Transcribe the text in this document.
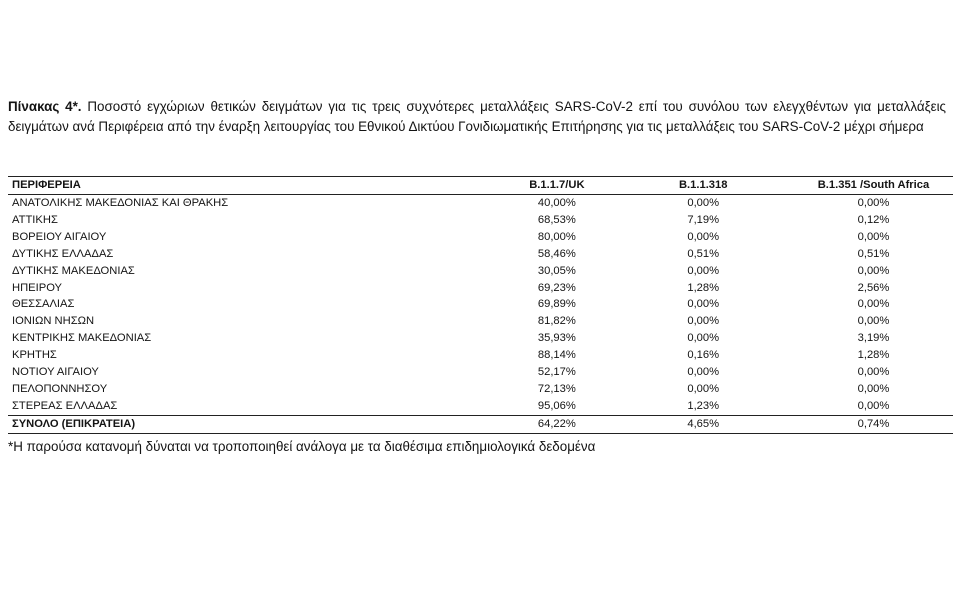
Πίνακας 4*. Ποσοστό εγχώριων θετικών δειγμάτων για τις τρεις συχνότερες μεταλλάξεις SARS-CoV-2 επί του συνόλου των ελεγχθέντων για μεταλλάξεις δειγμάτων ανά Περιφέρεια από την έναρξη λειτουργίας του Εθνικού Δικτύου Γονιδιωματικής Επιτήρησης για τις μεταλλάξεις του SARS-CoV-2 μέχρι σήμερα
ΠΕΡΙΦΕΡΕΙΑ	B.1.1.7/UK	B.1.1.318	B.1.351 /South Africa
ΑΝΑΤΟΛΙΚΗΣ ΜΑΚΕΔΟΝΙΑΣ ΚΑΙ ΘΡΑΚΗΣ	40,00%	0,00%	0,00%
ΑΤΤΙΚΗΣ	68,53%	7,19%	0,12%
ΒΟΡΕΙΟΥ ΑΙΓΑΙΟΥ	80,00%	0,00%	0,00%
ΔΥΤΙΚΗΣ ΕΛΛΑΔΑΣ	58,46%	0,51%	0,51%
ΔΥΤΙΚΗΣ ΜΑΚΕΔΟΝΙΑΣ	30,05%	0,00%	0,00%
ΗΠΕΙΡΟΥ	69,23%	1,28%	2,56%
ΘΕΣΣΑΛΙΑΣ	69,89%	0,00%	0,00%
ΙΟΝΙΩΝ ΝΗΣΩΝ	81,82%	0,00%	0,00%
ΚΕΝΤΡΙΚΗΣ ΜΑΚΕΔΟΝΙΑΣ	35,93%	0,00%	3,19%
ΚΡΗΤΗΣ	88,14%	0,16%	1,28%
ΝΟΤΙΟΥ ΑΙΓΑΙΟΥ	52,17%	0,00%	0,00%
ΠΕΛΟΠΟΝΝΗΣΟΥ	72,13%	0,00%	0,00%
ΣΤΕΡΕΑΣ ΕΛΛΑΔΑΣ	95,06%	1,23%	0,00%
ΣΥΝΟΛΟ (ΕΠΙΚΡΑΤΕΙΑ)	64,22%	4,65%	0,74%
*Η παρούσα κατανομή δύναται να τροποποιηθεί ανάλογα με τα διαθέσιμα επιδημιολογικά δεδομένα
